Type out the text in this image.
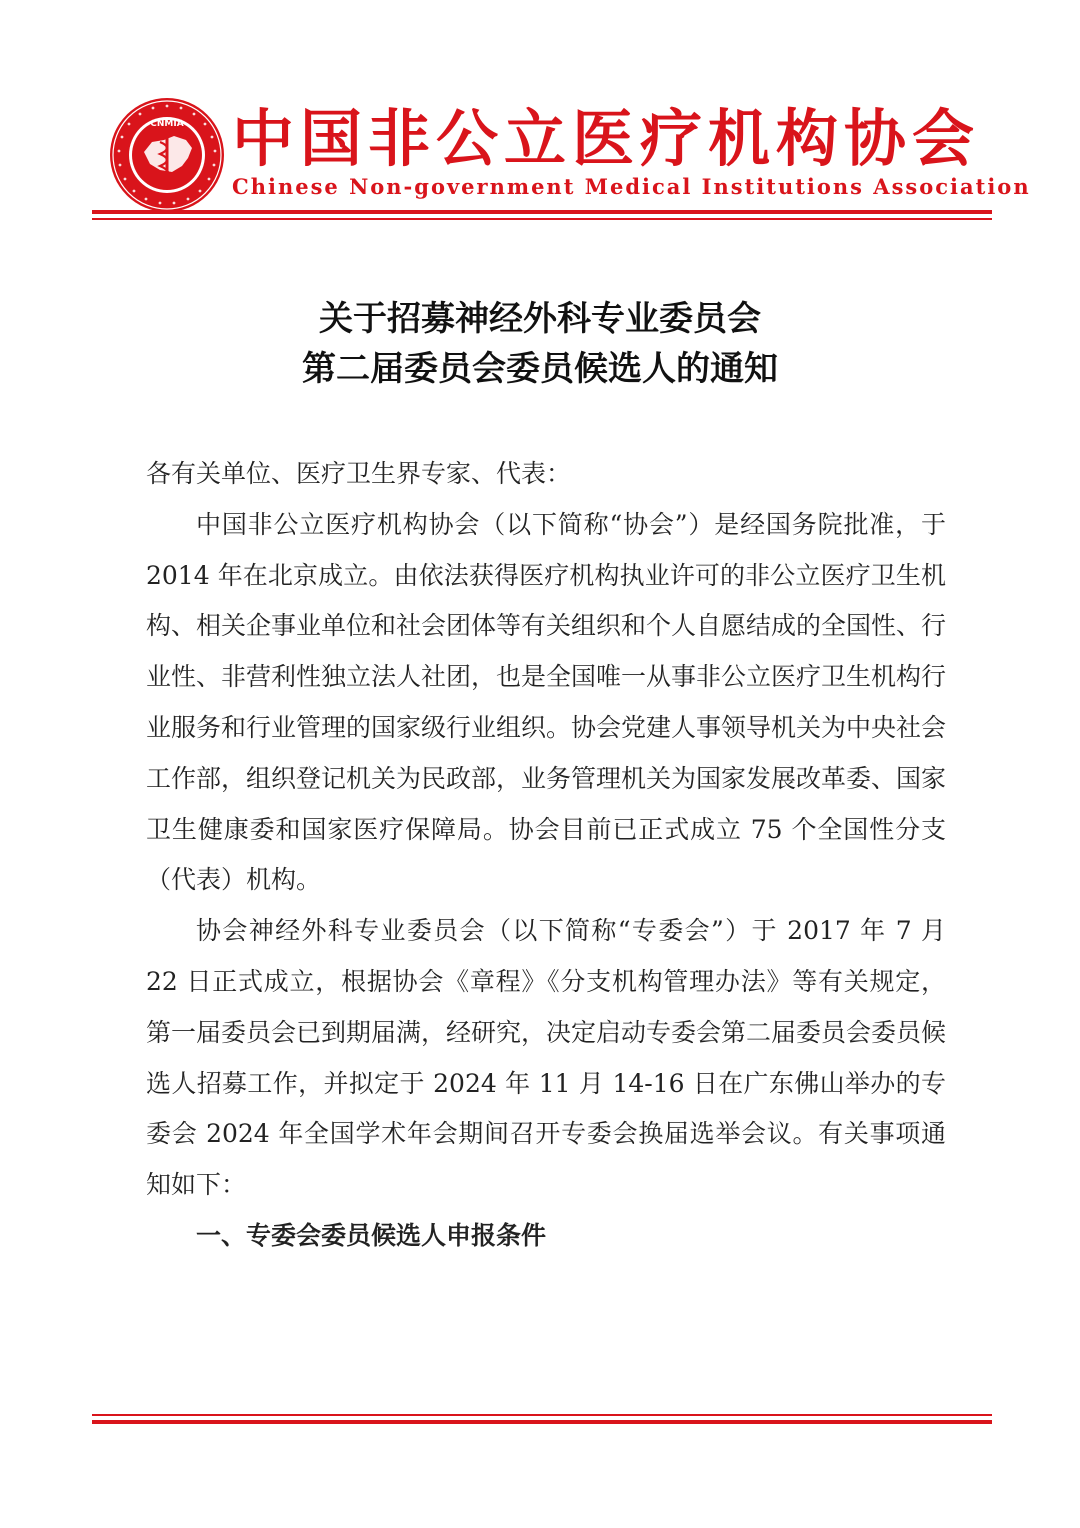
CNMIA 中国非公立医疗机构协会
Chinese Non-government Medical Institutions Association
关于招募神经外科专业委员会
第二届委员会委员候选人的通知

各有关单位、医疗卫生界专家、代表：

中国非公立医疗机构协会（以下简称“协会”）是经国务院批准，于 2014 年在北京成立。由依法获得医疗机构执业许可的非公立医疗卫生机构、相关企事业单位和社会团体等有关组织和个人自愿结成的全国性、行业性、非营利性独立法人社团，也是全国唯一从事非公立医疗卫生机构行业服务和行业管理的国家级行业组织。协会党建人事领导机关为中央社会工作部，组织登记机关为民政部，业务管理机关为国家发展改革委、国家卫生健康委和国家医疗保障局。协会目前已正式成立 75 个全国性分支（代表）机构。

协会神经外科专业委员会（以下简称“专委会”）于 2017 年 7 月 22 日正式成立，根据协会《章程》《分支机构管理办法》等有关规定，第一届委员会已到期届满，经研究，决定启动专委会第二届委员会委员候选人招募工作，并拟定于 2024 年 11 月 14-16 日在广东佛山举办的专委会 2024 年全国学术年会期间召开专委会换届选举会议。有关事项通知如下：

一、专委会委员候选人申报条件
